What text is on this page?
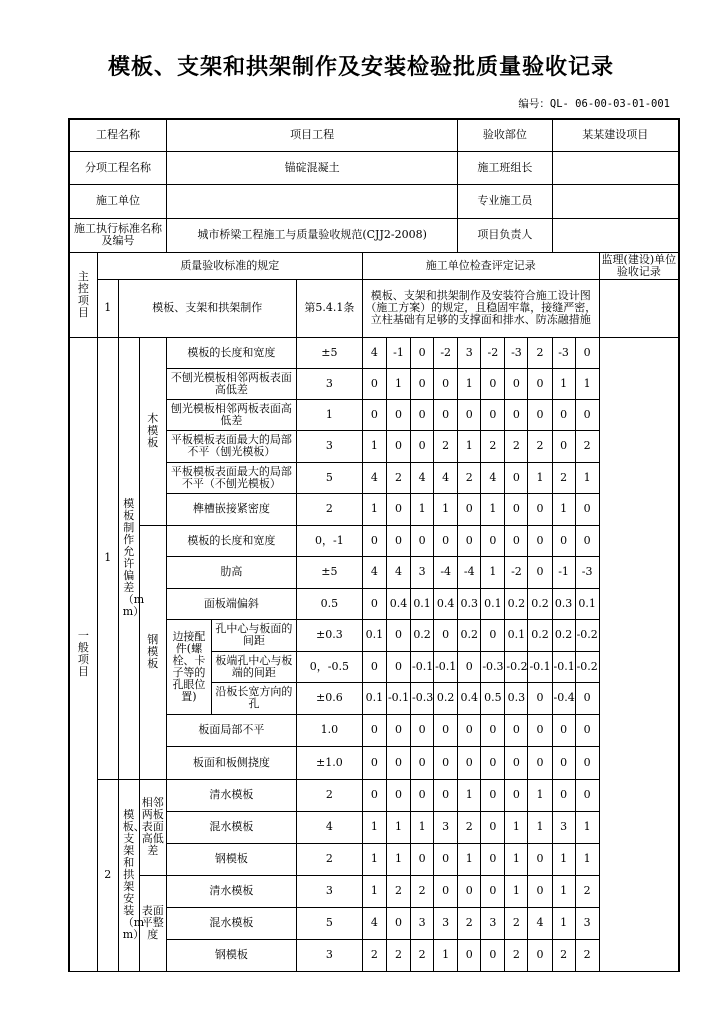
模板、支架和拱架制作及安装检验批质量验收记录
编号：QL- 06-00-03-01-001
工程名称				项目工程							验收部位				某某建设项目		
分项工程名称				锚碇混凝土							施工班组长						
施工单位											专业施工员						
施工执行标准名称及编号				城市桥梁工程施工与质量验收规范(CJJ2-2008)							项目负责人						
主控项目	质量验收标准的规定						施工单位检查评定记录										监理(建设)单位验收记录
	1	模板、支架和拱架制作				第5.4.1条	模板、支架和拱架制作及安装符合施工设计图（施工方案）的规定，且稳固牢靠，接缝严密，立柱基础有足够的支撑面和排水、防冻融措施										
一般项目	1	模板制作允许偏差（mm）	木模板	模板的长度和宽度		±5	4	-1	0	-2	3	-2	-3	2	-3	0	
				不刨光模板相邻两板表面高低差		3	0	1	0	0	1	0	0	0	1	1	
				刨光模板相邻两板表面高低差		1	0	0	0	0	0	0	0	0	0	0	
				平板模板表面最大的局部不平（刨光模板）		3	1	0	0	2	1	2	2	2	0	2	
				平板模板表面最大的局部不平（不刨光模板）		5	4	2	4	4	2	4	0	1	2	1	
				榫槽嵌接紧密度		2	1	0	1	1	0	1	0	0	1	0	
			钢模板	模板的长度和宽度		0，-1	0	0	0	0	0	0	0	0	0	0	
				肋高		±5	4	4	3	-4	-4	1	-2	0	-1	-3	
				面板端偏斜		0.5	0	0.4	0.1	0.4	0.3	0.1	0.2	0.2	0.3	0.1	
				边接配件(螺栓、卡子等的孔眼位置)	孔中心与板面的间距	±0.3	0.1	0	0.2	0	0.2	0	0.1	0.2	0.2	-0.2	
					板端孔中心与板端的间距	0，-0.5	0	0	-0.1	-0.1	0	-0.3	-0.2	-0.1	-0.1	-0.2	
					沿板长宽方向的孔	±0.6	0.1	-0.1	-0.3	0.2	0.4	0.5	0.3	0	-0.4	0	
				板面局部不平		1.0	0	0	0	0	0	0	0	0	0	0	
				板面和板侧挠度		±1.0	0	0	0	0	0	0	0	0	0	0	
	2	模板、支架和拱架安装（mm）	相邻两板表面高低差	清水模板		2	0	0	0	0	1	0	0	1	0	0	
				混水模板		4	1	1	1	3	2	0	1	1	3	1	
				钢模板		2	1	1	0	0	1	0	1	0	1	1	
			表面平整度	清水模板		3	1	2	2	0	0	0	1	0	1	2	
				混水模板		5	4	0	3	3	2	3	2	4	1	3	
				钢模板		3	2	2	2	1	0	0	2	0	2	2	
